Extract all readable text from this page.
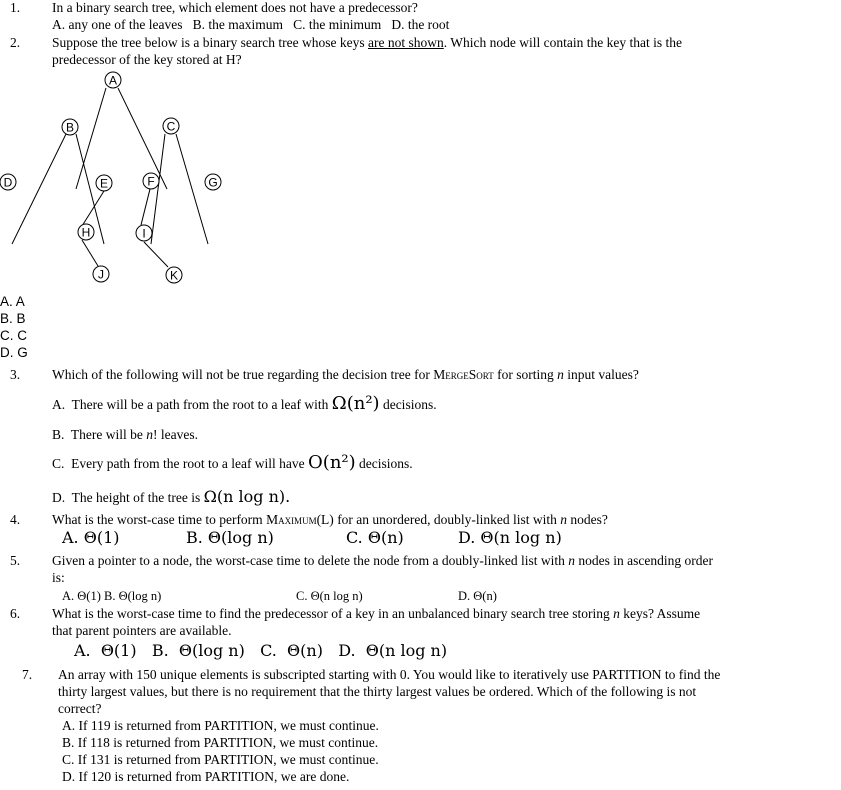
1. In a binary search tree, which element does not have a predecessor?
A. any one of the leaves   B. the maximum   C. the minimum   D. the root
2. Suppose the tree below is a binary search tree whose keys are not shown. Which node will contain the key that is the
predecessor of the key stored at H?
A
B	C
D	E	F	G
H	I
J	K
A. A
B. B
C. C
D. G
3. Which of the following will not be true regarding the decision tree for MergeSort for sorting n input values?
A.  There will be a path from the root to a leaf with Ω(n²) decisions.
B.  There will be n! leaves.
C.  Every path from the root to a leaf will have O(n²) decisions.
D.  The height of the tree is Ω(n log n).
4. What is the worst-case time to perform Maximum(L) for an unordered, doubly-linked list with n nodes?
A. Θ(1)	B. Θ(log n)	C. Θ(n)	D. Θ(n log n)
5. Given a pointer to a node, the worst-case time to delete the node from a doubly-linked list with n nodes in ascending order
is:
A. Θ(1) B. Θ(log n)	C. Θ(n log n)	D. Θ(n)
6. What is the worst-case time to find the predecessor of a key in an unbalanced binary search tree storing n keys? Assume
that parent pointers are available.
A.  Θ(1)   B.  Θ(log n)   C.  Θ(n)   D.  Θ(n log n)
7. An array with 150 unique elements is subscripted starting with 0. You would like to iteratively use PARTITION to find the
thirty largest values, but there is no requirement that the thirty largest values be ordered. Which of the following is not
correct?
A. If 119 is returned from PARTITION, we must continue.
B. If 118 is returned from PARTITION, we must continue.
C. If 131 is returned from PARTITION, we must continue.
D. If 120 is returned from PARTITION, we are done.
